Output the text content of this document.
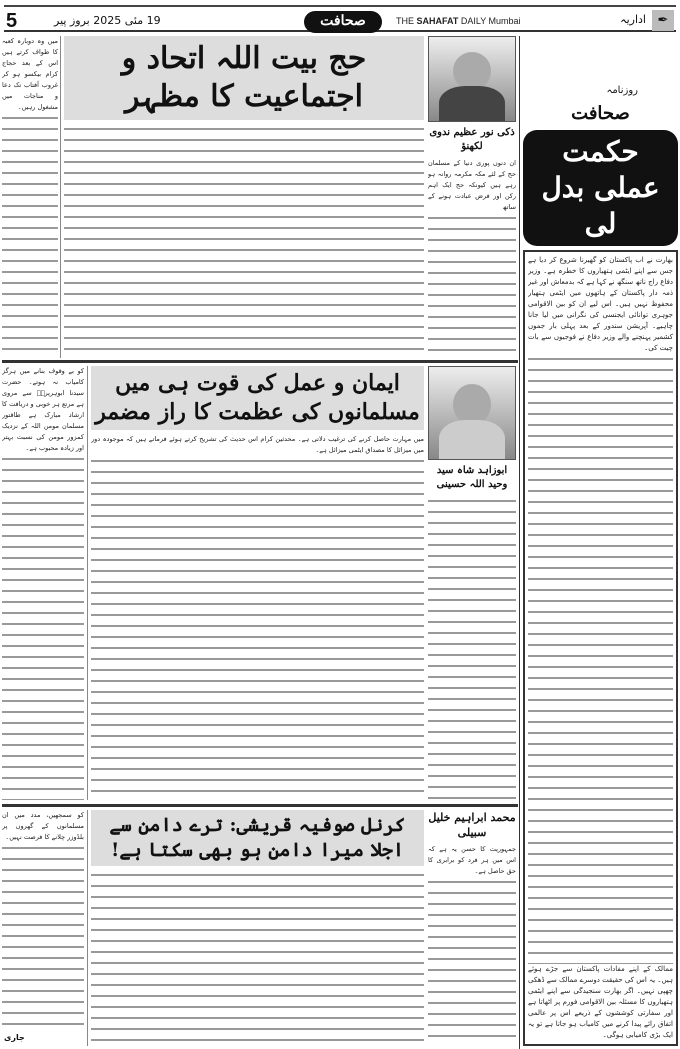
5	19 مئی 2025 بروز پیر	صحافت	THE SAHAFAT DAILY Mumbai	اداریہ ✒
روزنامہ
صحافت
حکمت عملی بدل لی

بھارت نے اب پاکستان کو گھیرنا شروع کر دیا ہے جس سے اپنے ایٹمی ہتھیاروں کا خطرہ ہے۔ وزیر دفاع راج ناتھ سنگھ نے کہا ہے کہ بدمعاش اور غیر ذمہ دار پاکستان کے ہاتھوں میں ایٹمی ہتھیار محفوظ نہیں ہیں۔ اس لیے ان کو بین الاقوامی جوہری توانائی ایجنسی کی نگرانی میں لیا جانا چاہیے۔ آپریشن سندور کے بعد پہلی بار جموں کشمیر پہنچنے والے وزیر دفاع نے فوجیوں سے بات چیت کی۔

ممالک کے اپنے مفادات پاکستان سے جڑے ہوئے ہیں۔ یہ اس کی حقیقت دوسرے ممالک سے ڈھکی چھپی نہیں۔ اگر بھارت سنجیدگی سے اپنے ایٹمی ہتھیاروں کا مسئلہ بین الاقوامی فورم پر اٹھاتا ہے اور سفارتی کوششوں کے ذریعے اس پر عالمی اتفاق رائے پیدا کرنے میں کامیاب ہو جاتا ہے تو یہ ایک بڑی کامیابی ہوگی۔

میں وہ دوبارہ کعبہ کا طواف کرتے ہیں اس کے بعد حجاج کرام بیکسو ہو کر غروب آفتاب تک دعا و مناجات میں مشغول رہیں۔

حج بیت اللہ اتحاد و اجتماعیت کا مظہر
ذکی نور عظیم ندوی لکھنؤ

ان دنوں پوری دنیا کے مسلمان حج کے لئے مکہ مکرمہ روانہ ہو رہے ہیں کیونکہ حج ایک اہم رکن اور فرض عبادت ہونے کے ساتھ

کو بے وقوف بنانے میں ہرگز کامیاب نہ ہوتے۔ حضرت سیدنا ابوہریرہؓ سے مروی ہے مرتع ہر خوبی و دریافت کا ارشاد مبارک ہے طاقتور مسلمان مومن اللہ کے نزدیک کمزور مومن کی نسبت بہتر اور زیادہ محبوب ہے۔

ایمان و عمل کی قوت ہی میں مسلمانوں کی عظمت کا راز مضمر

میں مہارت حاصل کرنے کی ترغیب دلاتی ہے۔ محدثین کرام اس حدیث کی تشریح کرتے ہوئے فرماتے ہیں کہ موجودہ دور میں میزائل کا مصداق ایٹمی میزائل ہے۔

ابوزاہد شاہ سید وحید اللہ حسینی

کو سمجھیں، مدد میں ان مسلمانوں کے گھروں پر بلڈوزر چلانے کا فرصت نہیں۔

جاری
کرنل صوفیہ قریشی: ترے دامن سے اجلا میرا دامن ہو بھی سکتا ہے!
محمد ابراہیم خلیل سبیلی

جمہوریت کا حسن یہ ہے کہ اس میں ہر فرد کو برابری کا حق حاصل ہے۔
